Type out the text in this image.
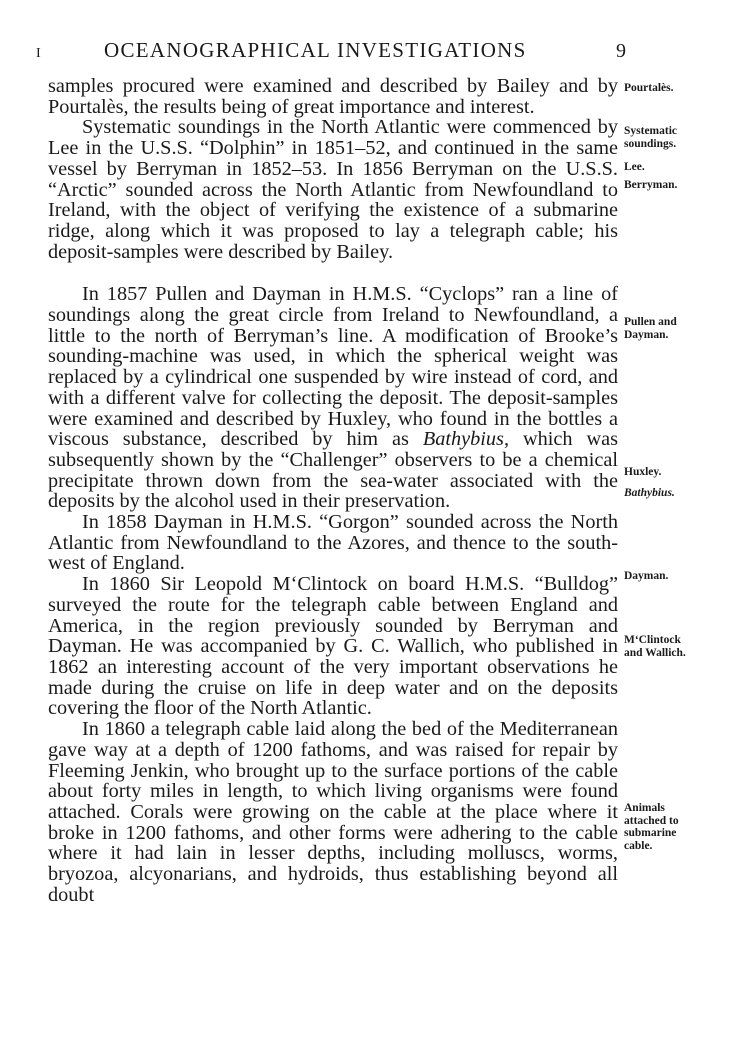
I	OCEANOGRAPHICAL INVESTIGATIONS	9

samples procured were examined and described by Bailey and by Pourtalès, the results being of great importance and interest.

Systematic soundings in the North Atlantic were commenced by Lee in the U.S.S. “Dolphin” in 1851–52, and continued in the same vessel by Berryman in 1852–53. In 1856 Berryman on the U.S.S. “Arctic” sounded across the North Atlantic from Newfoundland to Ireland, with the object of verifying the existence of a submarine ridge, along which it was proposed to lay a telegraph cable; his deposit-samples were described by Bailey.

In 1857 Pullen and Dayman in H.M.S. “Cyclops” ran a line of soundings along the great circle from Ireland to Newfoundland, a little to the north of Berryman’s line. A modification of Brooke’s sounding-machine was used, in which the spherical weight was replaced by a cylindrical one suspended by wire instead of cord, and with a different valve for collecting the deposit. The deposit-samples were examined and described by Huxley, who found in the bottles a viscous substance, described by him as Bathybius, which was subsequently shown by the “Challenger” observers to be a chemical precipitate thrown down from the sea-water associated with the deposits by the alcohol used in their preservation.

In 1858 Dayman in H.M.S. “Gorgon” sounded across the North Atlantic from Newfoundland to the Azores, and thence to the south-west of England.

In 1860 Sir Leopold M‘Clintock on board H.M.S. “Bulldog” surveyed the route for the telegraph cable between England and America, in the region previously sounded by Berryman and Dayman. He was accompanied by G. C. Wallich, who published in 1862 an interesting account of the very important observations he made during the cruise on life in deep water and on the deposits covering the floor of the North Atlantic.

In 1860 a telegraph cable laid along the bed of the Mediterranean gave way at a depth of 1200 fathoms, and was raised for repair by Fleeming Jenkin, who brought up to the surface portions of the cable about forty miles in length, to which living organisms were found attached. Corals were growing on the cable at the place where it broke in 1200 fathoms, and other forms were adhering to the cable where it had lain in lesser depths, including molluscs, worms, bryozoa, alcyonarians, and hydroids, thus establishing beyond all doubt

Pourtalès.
Systematic
soundings.
Lee.
Berryman.
Pullen and
Dayman.
Huxley.
Bathybius.
Dayman.
M‘Clintock
and Wallich.
Animals
attached to
submarine
cable.
